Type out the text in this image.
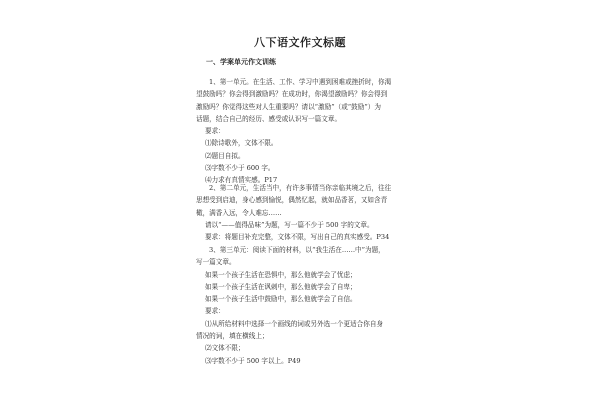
八下语文作文标题
一、学案单元作文训练
1、第一单元。在生活、工作、学习中遇到困难或挫折时，你渴
望鼓励吗？你会得到激励吗？在成功时，你渴望激励吗？你会得到
激励吗？你觉得这些对人生重要吗？请以“激励”（或“鼓励”）为
话题，结合自己的经历、感受或认识写一篇文章。
要求：
⑴除诗歌外，文体不限。
⑵题目自拟。
⑶字数不少于 600 字。
⑷力求有真情实感。P17
2、第二单元，生活当中，有许多事情当你亲临其境之后，往往
思想受到启迪，身心感到愉悦，偶然忆起，就如品香茗，又如含青
橄，满香入远，令人难忘……
请以“——值得品味”为题，写一篇不少于 500 字的文章。
要求：将题目补充完整，文体不限，写出自己的真实感受。P34
3、第三单元：阅读下面的材料，以“我生活在……中”为题，
写一篇文章。
如果一个孩子生活在恐惧中，那么他就学会了忧虑；
如果一个孩子生活在讽刺中，那么他就学会了自卑；
如果一个孩子生活中鼓励中，那么他就学会了自信。
要求：
⑴从所给材料中选择一个画线的词或另外选一个更适合你自身
情况的词，填在横线上；
⑵文体不限；
⑶字数不少于 500 字以上。P49
